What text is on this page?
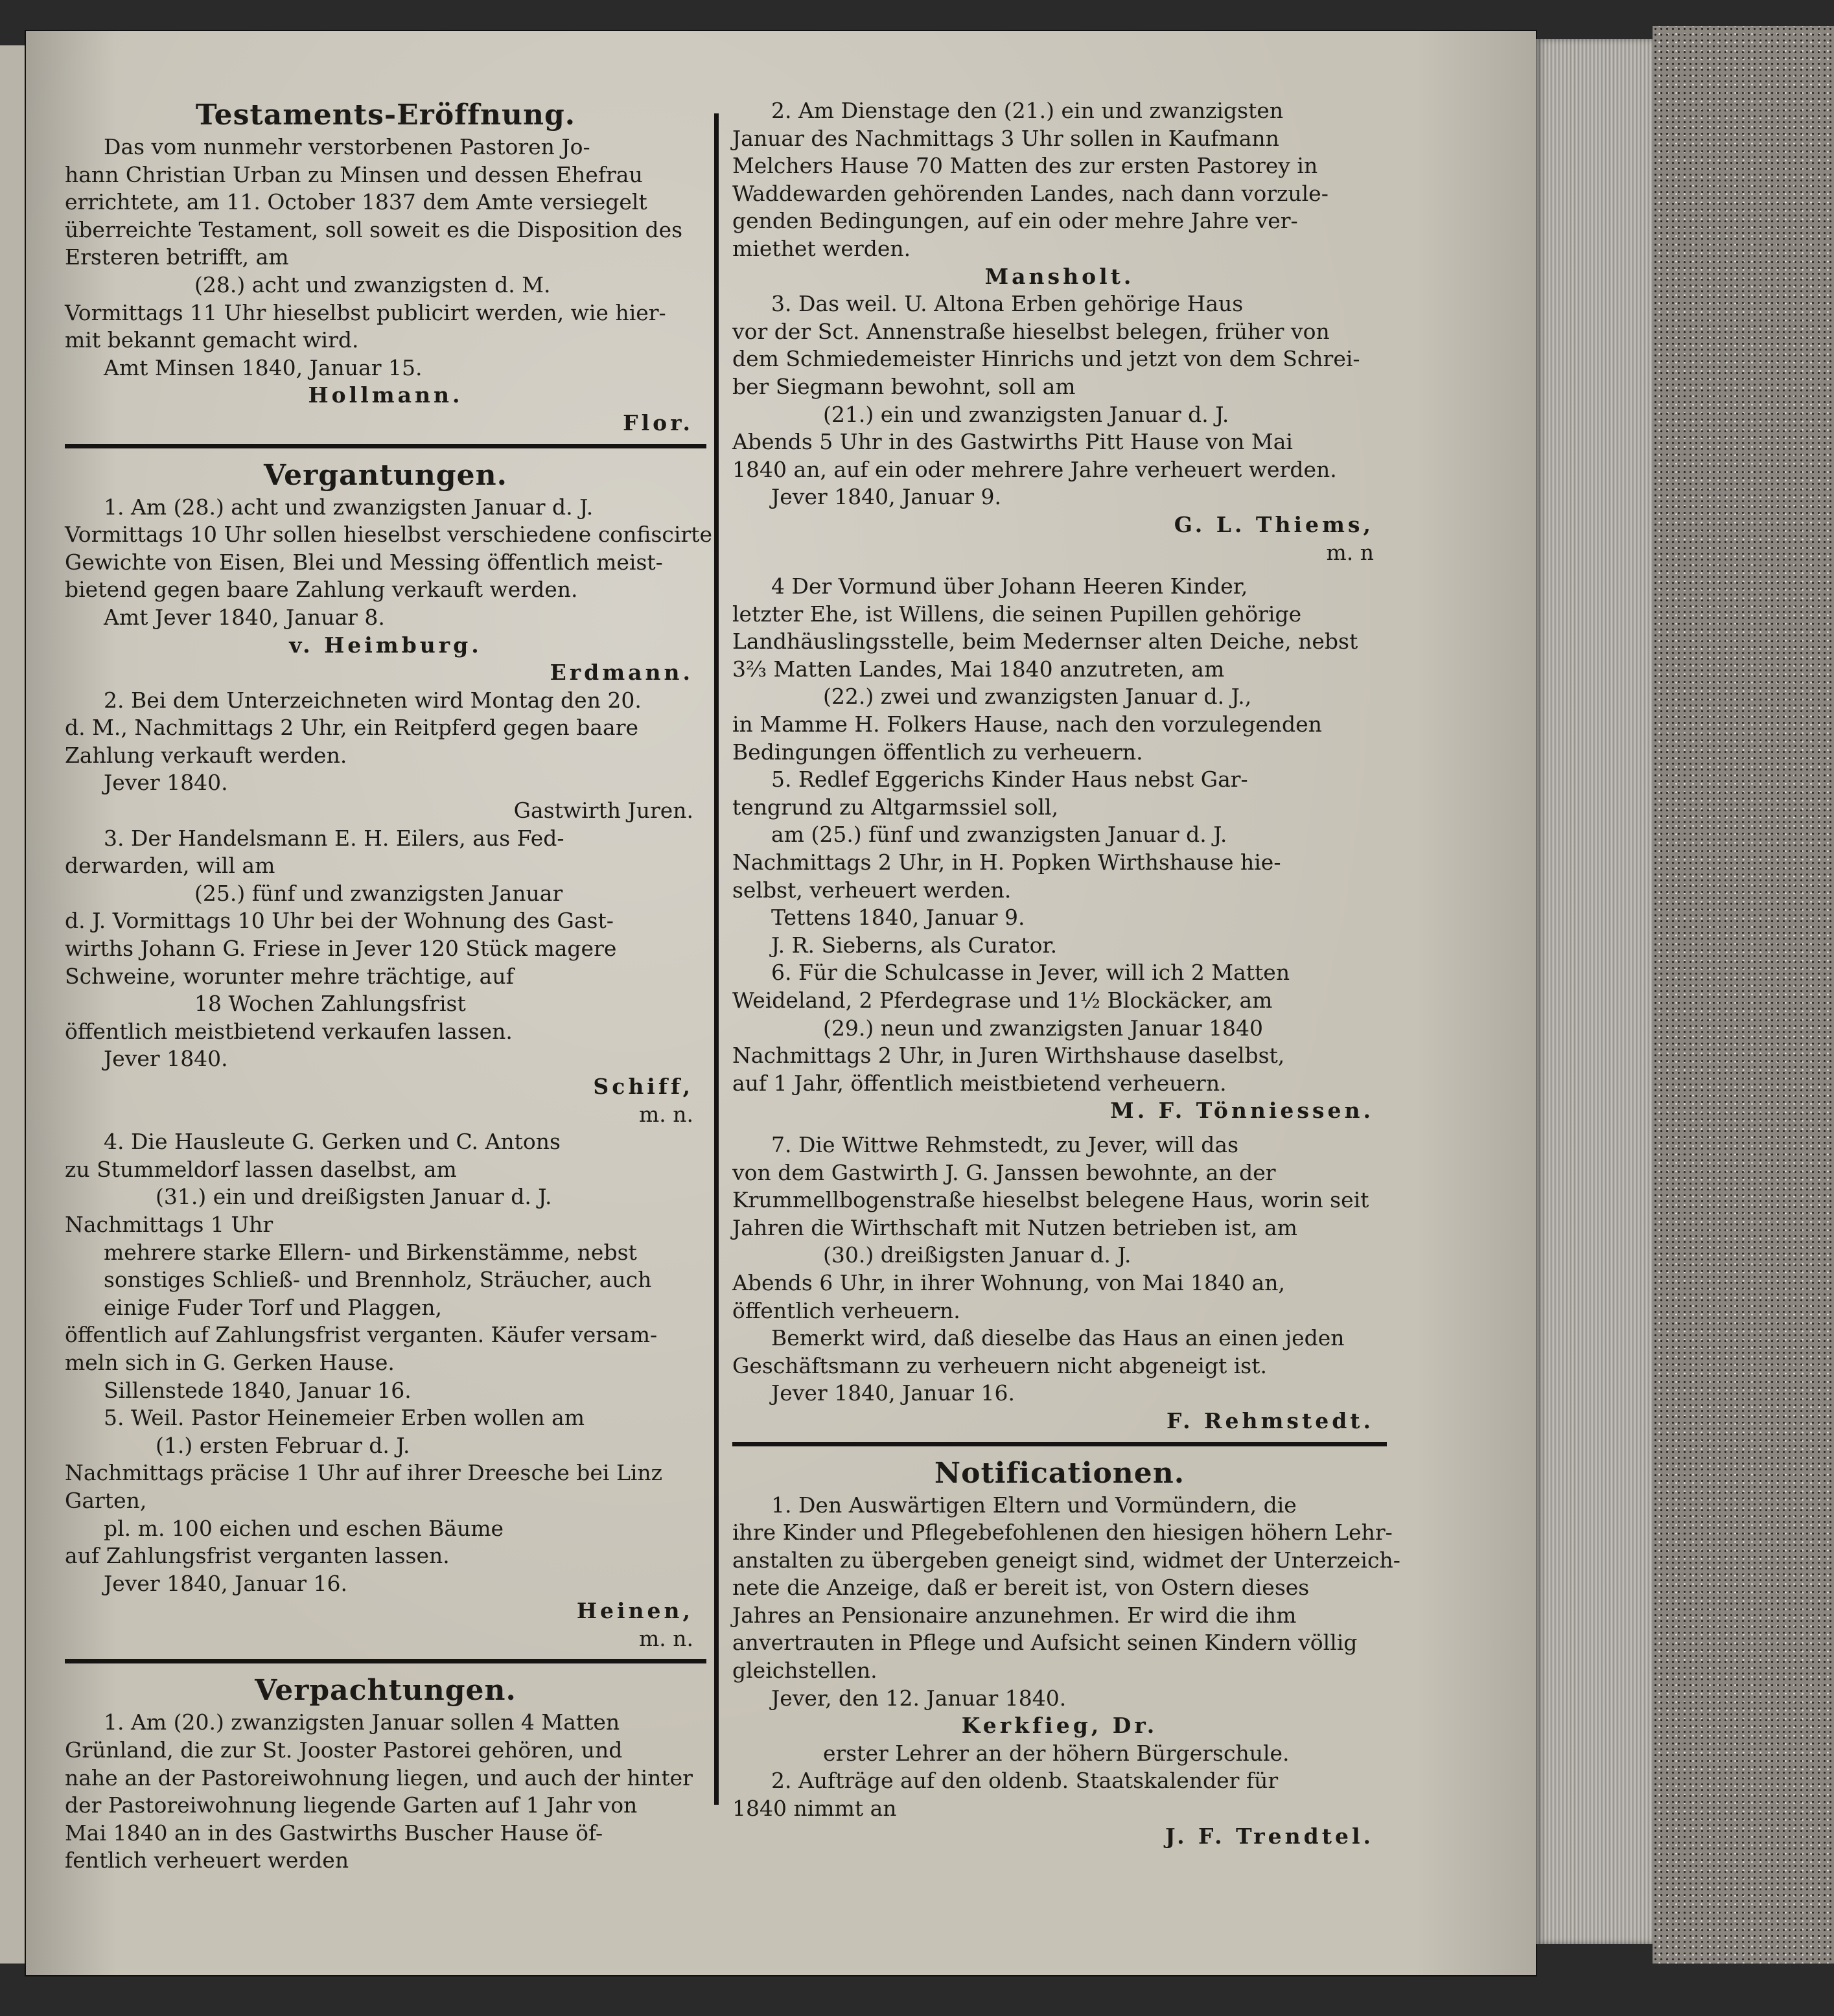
Testaments-Eröffnung.

Das vom nunmehr verstorbenen Pastoren Jo-

hann Christian Urban zu Minsen und dessen Ehefrau

errichtete, am 11. October 1837 dem Amte versiegelt

überreichte Testament, soll soweit es die Disposition des

Ersteren betrifft, am

(28.) acht und zwanzigsten d. M.

Vormittags 11 Uhr hieselbst publicirt werden, wie hier-

mit bekannt gemacht wird.

Amt Minsen 1840, Januar 15.

Hollmann.

Flor.

Vergantungen.

1. Am (28.) acht und zwanzigsten Januar d. J.

Vormittags 10 Uhr sollen hieselbst verschiedene confiscirte

Gewichte von Eisen, Blei und Messing öffentlich meist-

bietend gegen baare Zahlung verkauft werden.

Amt Jever 1840, Januar 8.

v. Heimburg.

Erdmann.

2. Bei dem Unterzeichneten wird Montag den 20.

d. M., Nachmittags 2 Uhr, ein Reitpferd gegen baare

Zahlung verkauft werden.

Jever 1840.

Gastwirth Juren.

3. Der Handelsmann E. H. Eilers, aus Fed-

derwarden, will am

(25.) fünf und zwanzigsten Januar

d. J. Vormittags 10 Uhr bei der Wohnung des Gast-

wirths Johann G. Friese in Jever 120 Stück magere

Schweine, worunter mehre trächtige, auf

18 Wochen Zahlungsfrist

öffentlich meistbietend verkaufen lassen.

Jever 1840.

Schiff,

m. n.

4. Die Hausleute G. Gerken und C. Antons

zu Stummeldorf lassen daselbst, am

(31.) ein und dreißigsten Januar d. J.

Nachmittags 1 Uhr

mehrere starke Ellern- und Birkenstämme, nebst

sonstiges Schließ- und Brennholz, Sträucher, auch

einige Fuder Torf und Plaggen,

öffentlich auf Zahlungsfrist verganten. Käufer versam-

meln sich in G. Gerken Hause.

Sillenstede 1840, Januar 16.

5. Weil. Pastor Heinemeier Erben wollen am

(1.) ersten Februar d. J.

Nachmittags präcise 1 Uhr auf ihrer Dreesche bei Linz

Garten,

pl. m. 100 eichen und eschen Bäume

auf Zahlungsfrist verganten lassen.

Jever 1840, Januar 16.

Heinen,

m. n.

Verpachtungen.

1. Am (20.) zwanzigsten Januar sollen 4 Matten

Grünland, die zur St. Jooster Pastorei gehören, und

nahe an der Pastoreiwohnung liegen, und auch der hinter

der Pastoreiwohnung liegende Garten auf 1 Jahr von

Mai 1840 an in des Gastwirths Buscher Hause öf-

fentlich verheuert werden

2. Am Dienstage den (21.) ein und zwanzigsten

Januar des Nachmittags 3 Uhr sollen in Kaufmann

Melchers Hause 70 Matten des zur ersten Pastorey in

Waddewarden gehörenden Landes, nach dann vorzule-

genden Bedingungen, auf ein oder mehre Jahre ver-

miethet werden.

Mansholt.

3. Das weil. U. Altona Erben gehörige Haus

vor der Sct. Annenstraße hieselbst belegen, früher von

dem Schmiedemeister Hinrichs und jetzt von dem Schrei-

ber Siegmann bewohnt, soll am

(21.) ein und zwanzigsten Januar d. J.

Abends 5 Uhr in des Gastwirths Pitt Hause von Mai

1840 an, auf ein oder mehrere Jahre verheuert werden.

Jever 1840, Januar 9.

G. L. Thiems,

m. n

4 Der Vormund über Johann Heeren Kinder,

letzter Ehe, ist Willens, die seinen Pupillen gehörige

Landhäuslingsstelle, beim Medernser alten Deiche, nebst

3⅔ Matten Landes, Mai 1840 anzutreten, am

(22.) zwei und zwanzigsten Januar d. J.,

in Mamme H. Folkers Hause, nach den vorzulegenden

Bedingungen öffentlich zu verheuern.

5. Redlef Eggerichs Kinder Haus nebst Gar-

tengrund zu Altgarmssiel soll,

am (25.) fünf und zwanzigsten Januar d. J.

Nachmittags 2 Uhr, in H. Popken Wirthshause hie-

selbst, verheuert werden.

Tettens 1840, Januar 9.

J. R. Sieberns, als Curator.

6. Für die Schulcasse in Jever, will ich 2 Matten

Weideland, 2 Pferdegrase und 1½ Blockäcker, am

(29.) neun und zwanzigsten Januar 1840

Nachmittags 2 Uhr, in Juren Wirthshause daselbst,

auf 1 Jahr, öffentlich meistbietend verheuern.

M. F. Tönniessen.

7. Die Wittwe Rehmstedt, zu Jever, will das

von dem Gastwirth J. G. Janssen bewohnte, an der

Krummellbogenstraße hieselbst belegene Haus, worin seit

Jahren die Wirthschaft mit Nutzen betrieben ist, am

(30.) dreißigsten Januar d. J.

Abends 6 Uhr, in ihrer Wohnung, von Mai 1840 an,

öffentlich verheuern.

Bemerkt wird, daß dieselbe das Haus an einen jeden

Geschäftsmann zu verheuern nicht abgeneigt ist.

Jever 1840, Januar 16.

F. Rehmstedt.

Notificationen.

1. Den Auswärtigen Eltern und Vormündern, die

ihre Kinder und Pflegebefohlenen den hiesigen höhern Lehr-

anstalten zu übergeben geneigt sind, widmet der Unterzeich-

nete die Anzeige, daß er bereit ist, von Ostern dieses

Jahres an Pensionaire anzunehmen. Er wird die ihm

anvertrauten in Pflege und Aufsicht seinen Kindern völlig

gleichstellen.

Jever, den 12. Januar 1840.

Kerkfieg, Dr.

erster Lehrer an der höhern Bürgerschule.

2. Aufträge auf den oldenb. Staatskalender für

1840 nimmt an

J. F. Trendtel.
